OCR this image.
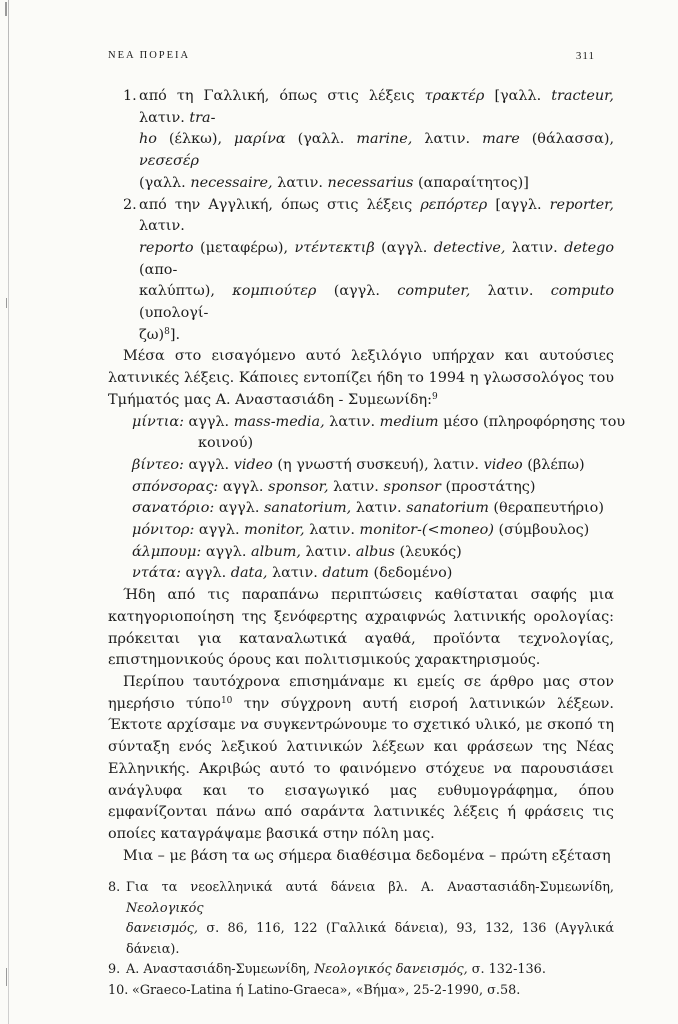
ΝΕΑ ΠΟΡΕΙΑ	311

1. από τη Γαλλική, όπως στις λέξεις τρακτέρ [γαλλ. tracteur, λατιν. tra-
ho (έλκω), μαρίνα (γαλλ. marine, λατιν. mare (θάλασσα), νεσεσέρ
(γαλλ. necessaire, λατιν. necessarius (απαραίτητος)]

2. από την Αγγλική, όπως στις λέξεις ρεπόρτερ [αγγλ. reporter, λατιν.
reporto (μεταφέρω), ντέντεκτιβ (αγγλ. detective, λατιν. detego (απο-
καλύπτω), κομπιούτερ (αγγλ. computer, λατιν. computo (υπολογί-
ζω)$^8$].

Μέσα στο εισαγόμενο αυτό λεξιλόγιο υπήρχαν και αυτούσιες λατινικές λέξεις. Κάποιες εντοπίζει ήδη το 1994 η γλωσσολόγος του Τμήματός μας Α. Αναστασιάδη - Συμεωνίδη:$^9$

μίντια: αγγλ. mass-media, λατιν. medium μέσο (πληροφόρησης του

κοινού)

βίντεο: αγγλ. video (η γνωστή συσκευή), λατιν. video (βλέπω)

σπόνσορας: αγγλ. sponsor, λατιν. sponsor (προστάτης)

σανατόριο: αγγλ. sanatorium, λατιν. sanatorium (θεραπευτήριο)

μόνιτορ: αγγλ. monitor, λατιν. monitor-(<moneo) (σύμβουλος)

άλμπουμ: αγγλ. album, λατιν. albus (λευκός)

ντάτα: αγγλ. data, λατιν. datum (δεδομένο)

Ήδη από τις παραπάνω περιπτώσεις καθίσταται σαφής μια κατηγοριοποίηση της ξενόφερτης αχραιφνώς λατινικής ορολογίας: πρόκειται για καταναλωτικά αγαθά, προϊόντα τεχνολογίας, επιστημονικούς όρους και πολιτισμικούς χαρακτηρισμούς.

Περίπου ταυτόχρονα επισημάναμε κι εμείς σε άρθρο μας στον ημερήσιο τύπο$^{10}$ την σύγχρονη αυτή εισροή λατινικών λέξεων. Έκτοτε αρχίσαμε να συγκεντρώνουμε το σχετικό υλικό, με σκοπό τη σύνταξη ενός λεξικού λατινικών λέξεων και φράσεων της Νέας Ελληνικής. Ακριβώς αυτό το φαινόμενο στόχευε να παρουσιάσει ανάγλυφα και το εισαγωγικό μας ευθυμογράφημα, όπου εμφανίζονται πάνω από σαράντα λατινικές λέξεις ή φράσεις τις οποίες καταγράψαμε βασικά στην πόλη μας.

Μια – με βάση τα ως σήμερα διαθέσιμα δεδομένα – πρώτη εξέταση

8. Για τα νεοελληνικά αυτά δάνεια βλ. Α. Αναστασιάδη-Συμεωνίδη, Νεολογικός
δανεισμός, σ. 86, 116, 122 (Γαλλικά δάνεια), 93, 132, 136 (Αγγλικά δάνεια).

9. Α. Αναστασιάδη-Συμεωνίδη, Νεολογικός δανεισμός, σ. 132-136.

10. «Graeco-Latina ή Latino-Graeca», «Βήμα», 25-2-1990, σ.58.
